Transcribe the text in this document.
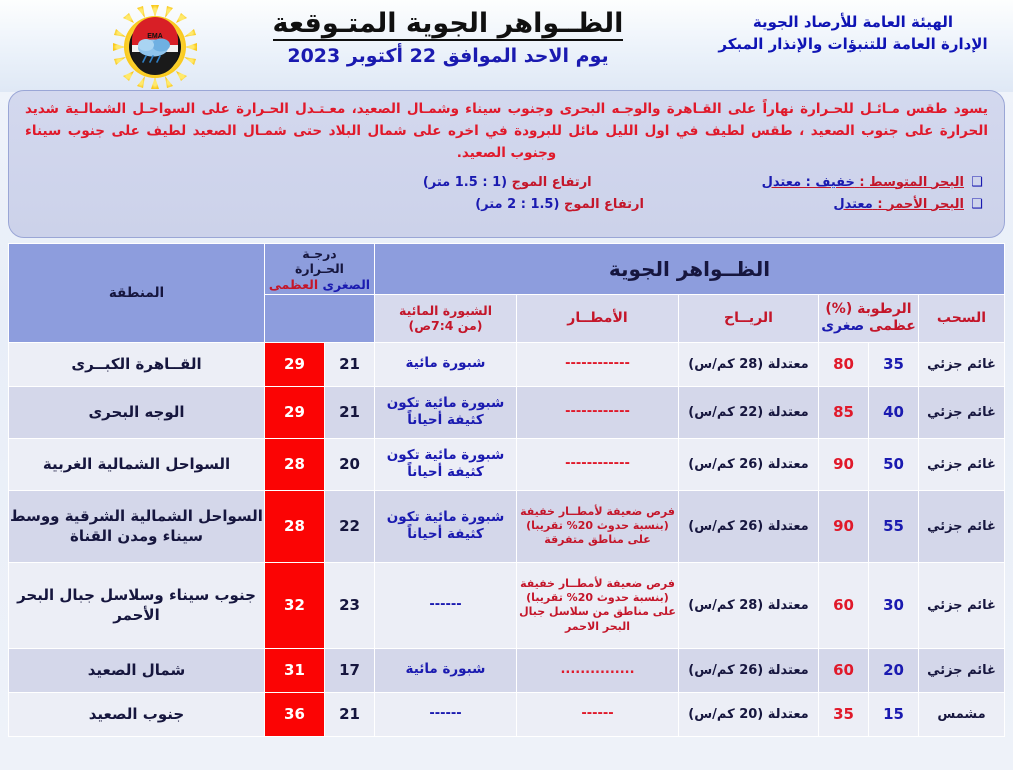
EMA	الظــواهر الجوية المتـوقعة
يوم الاحد الموافق 22 أكتوبر 2023
الهيئة العامة للأرصاد الجوية
الإدارة العامة للتنبؤات والإنذار المبكر
يسود طقس مـائـل للحـرارة نهاراً على القـاهرة والوجـه البحرى وجنوب سيناء وشمـال الصعيد، معـتـدل الحـرارة على السواحـل الشمالـية شديد الحرارة على جنوب الصعيد ، طقس لطيف في اول الليل مائل للبرودة في اخره على شمال البلاد حتى شمـال الصعيد لطيف على جنوب سيناء وجنوب الصعيد.
❑
البحر المتوسط : خفيف : معتدل
ارتفاع الموج (1 : 1.5 متر)
❑
البحر الأحمر : معتدل
ارتفاع الموج (1.5 : 2 متر)
الظــواهر الجوية						درجـة
الحـرارة
الصغرى العظمى		المنطقة
السحب	الرطوبة (%)
عظمى صغرى		الريــاح	الأمطــار	الشبورة المائية
(من 7:4ص)			

غائم جزئي	35	80	معتدلة (28 كم/س)	------------	شبورة مائية	21	29	القــاهرة الكبــرى
غائم جزئي	40	85	معتدلة (22 كم/س)	------------	شبورة مائية تكون كثيفة أحياناً	21	29	الوجه البحرى
غائم جزئي	50	90	معتدلة (26 كم/س)	------------	شبورة مائية تكون كثيفة أحياناً	20	28	السواحل الشمالية الغربية
غائم جزئي	55	90	معتدلة (26 كم/س)	فرص ضعيفة لأمطــار خفيفة (بنسبة حدوث 20% تقريبا) على مناطق متفرقة	شبورة مائية تكون كثيفة أحياناً	22	28	السواحل الشمالية الشرقية ووسط سيناء ومدن القناة
غائم جزئي	30	60	معتدلة (28 كم/س)	فرص ضعيفة لأمطــار خفيفة (بنسبة حدوث 20% تقريبا) على مناطق من سلاسل جبال البحر الاحمر	------	23	32	جنوب سيناء وسلاسل جبال البحر الأحمر
غائم جزئي	20	60	معتدلة (26 كم/س)	...............	شبورة مائية	17	31	شمال الصعيد
مشمس	15	35	معتدلة (20 كم/س)	------	------	21	36	جنوب الصعيد
